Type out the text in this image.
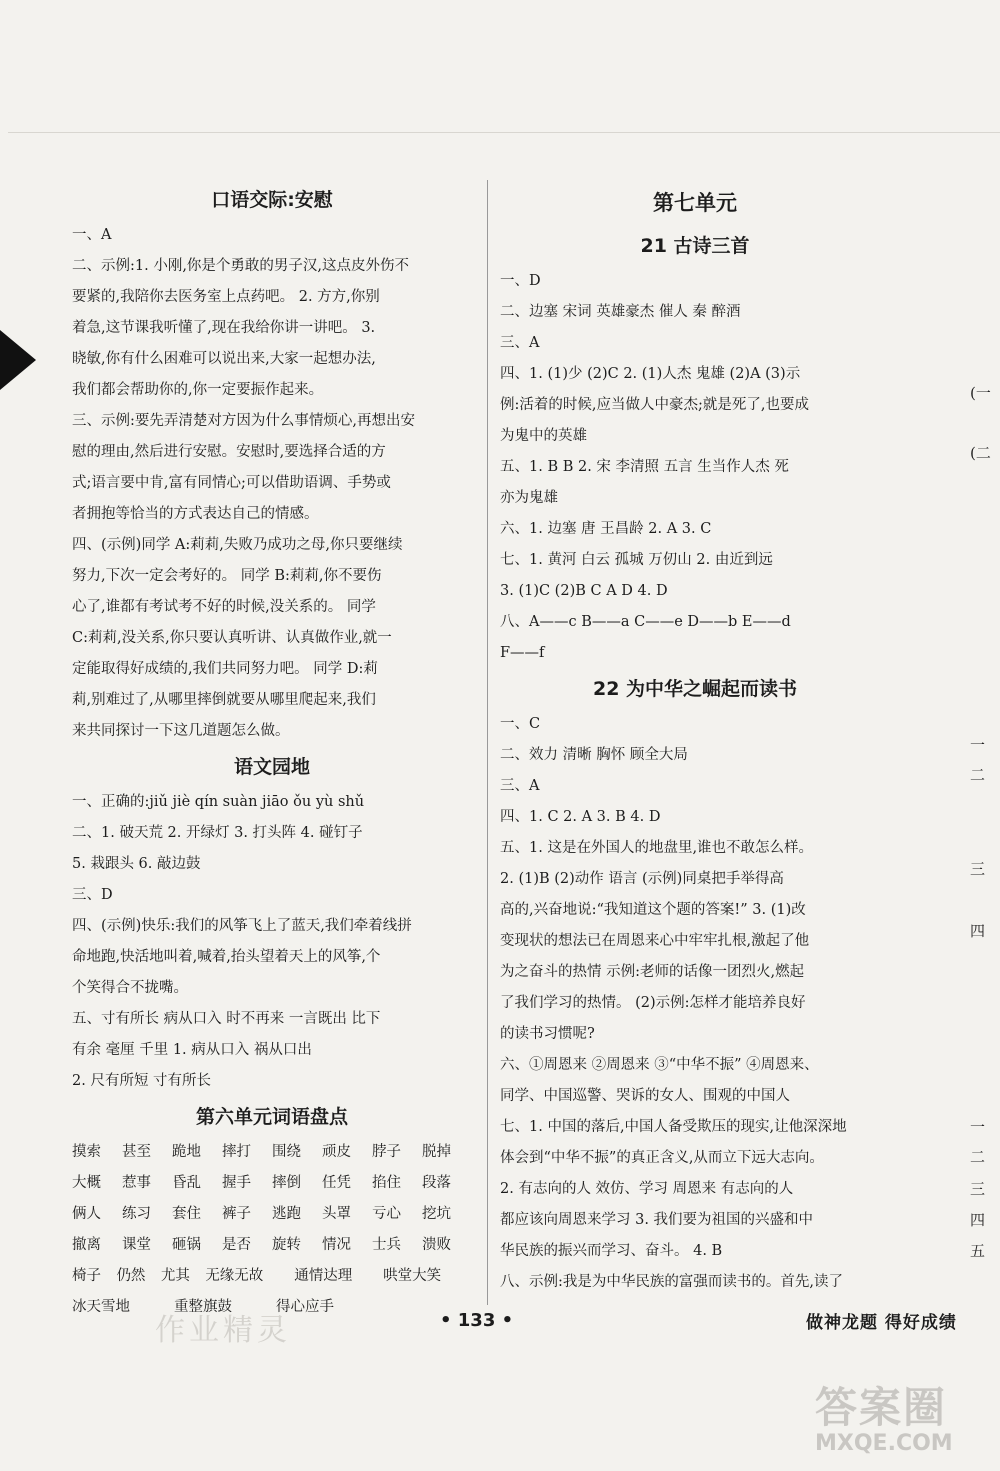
口语交际:安慰
一、A
二、示例:1. 小刚,你是个勇敢的男子汉,这点皮外伤不
要紧的,我陪你去医务室上点药吧。 2. 方方,你别
着急,这节课我听懂了,现在我给你讲一讲吧。 3.
晓敏,你有什么困难可以说出来,大家一起想办法,
我们都会帮助你的,你一定要振作起来。
三、示例:要先弄清楚对方因为什么事情烦心,再想出安
慰的理由,然后进行安慰。安慰时,要选择合适的方
式;语言要中肯,富有同情心;可以借助语调、手势或
者拥抱等恰当的方式表达自己的情感。
四、(示例)同学 A:莉莉,失败乃成功之母,你只要继续
努力,下次一定会考好的。 同学 B:莉莉,你不要伤
心了,谁都有考试考不好的时候,没关系的。 同学
C:莉莉,没关系,你只要认真听讲、认真做作业,就一
定能取得好成绩的,我们共同努力吧。 同学 D:莉
莉,别难过了,从哪里摔倒就要从哪里爬起来,我们
来共同探讨一下这几道题怎么做。
语文园地
一、正确的:jiǔ jiè qín suàn jiāo ǒu yù shǔ
二、1. 破天荒 2. 开绿灯 3. 打头阵 4. 碰钉子
5. 栽跟头 6. 敲边鼓
三、D
四、(示例)快乐:我们的风筝飞上了蓝天,我们牵着线拼
命地跑,快活地叫着,喊着,抬头望着天上的风筝,个
个笑得合不拢嘴。
五、寸有所长 病从口入 时不再来 一言既出 比下
有余 毫厘 千里 1. 病从口入 祸从口出
2. 尺有所短 寸有所长
第六单元词语盘点
摸索	甚至	跪地	摔打	围绕	顽皮	脖子	脱掉
大概	惹事	昏乱	握手	摔倒	任凭	掐住	段落
俩人	练习	套住	裤子	逃跑	头罩	亏心	挖坑
撤离	课堂	砸锅	是否	旋转	情况	士兵	溃败
椅子	仍然	尤其	无缘无故	通情达理	哄堂大笑
冰天雪地	重整旗鼓	得心应手
第七单元
21 古诗三首
一、D
二、边塞 宋词 英雄豪杰 催人 秦 醉酒
三、A
四、1. (1)少 (2)C 2. (1)人杰 鬼雄 (2)A (3)示
例:活着的时候,应当做人中豪杰;就是死了,也要成
为鬼中的英雄
五、1. B B 2. 宋 李清照 五言 生当作人杰 死
亦为鬼雄
六、1. 边塞 唐 王昌龄 2. A 3. C
七、1. 黄河 白云 孤城 万仞山 2. 由近到远
3. (1)C (2)B C A D 4. D
八、A——c B——a C——e D——b E——d
F——f
22 为中华之崛起而读书
一、C
二、效力 清晰 胸怀 顾全大局
三、A
四、1. C 2. A 3. B 4. D
五、1. 这是在外国人的地盘里,谁也不敢怎么样。
2. (1)B (2)动作 语言 (示例)同桌把手举得高
高的,兴奋地说:“我知道这个题的答案!” 3. (1)改
变现状的想法已在周恩来心中牢牢扎根,激起了他
为之奋斗的热情 示例:老师的话像一团烈火,燃起
了我们学习的热情。 (2)示例:怎样才能培养良好
的读书习惯呢?
六、①周恩来 ②周恩来 ③“中华不振” ④周恩来、
同学、中国巡警、哭诉的女人、围观的中国人
七、1. 中国的落后,中国人备受欺压的现实,让他深深地
体会到“中华不振”的真正含义,从而立下远大志向。
2. 有志向的人 效仿、学习 周恩来 有志向的人
都应该向周恩来学习 3. 我们要为祖国的兴盛和中
华民族的振兴而学习、奋斗。 4. B
八、示例:我是为中华民族的富强而读书的。首先,读了
(一
(二
一
二
三
四
一
二
三
四
五
作业精灵	• 133 •	做神龙题 得好成绩
答案圈
MXQE.COM
